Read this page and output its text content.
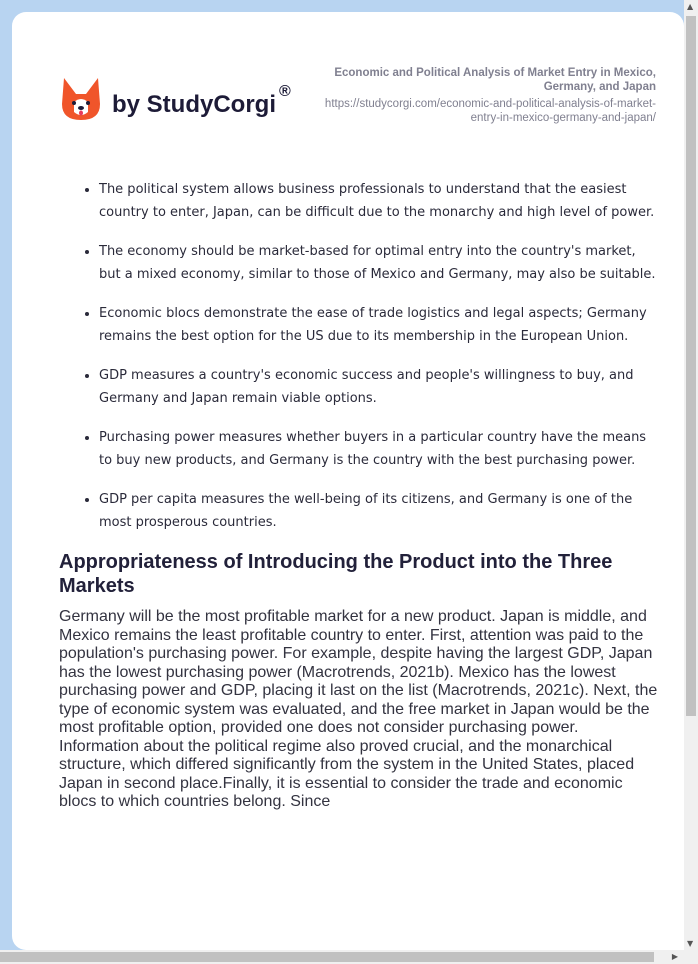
by StudyCorgi ®
Economic and Political Analysis of Market Entry in Mexico, Germany, and Japan
https://studycorgi.com/economic-and-political-analysis-of-market-entry-in-mexico-germany-and-japan/
• The political system allows business professionals to understand that the easiest country to enter, Japan, can be difficult due to the monarchy and high level of power.
• The economy should be market-based for optimal entry into the country's market, but a mixed economy, similar to those of Mexico and Germany, may also be suitable.
• Economic blocs demonstrate the ease of trade logistics and legal aspects; Germany remains the best option for the US due to its membership in the European Union.
• GDP measures a country's economic success and people's willingness to buy, and Germany and Japan remain viable options.
• Purchasing power measures whether buyers in a particular country have the means to buy new products, and Germany is the country with the best purchasing power.
• GDP per capita measures the well-being of its citizens, and Germany is one of the most prosperous countries.
Appropriateness of Introducing the Product into the Three Markets

Germany will be the most profitable market for a new product. Japan is middle, and Mexico remains the least profitable country to enter. First, attention was paid to the population's purchasing power. For example, despite having the largest GDP, Japan has the lowest purchasing power (Macrotrends, 2021b). Mexico has the lowest purchasing power and GDP, placing it last on the list (Macrotrends, 2021c). Next, the type of economic system was evaluated, and the free market in Japan would be the most profitable option, provided one does not consider purchasing power. Information about the political regime also proved crucial, and the monarchical structure, which differed significantly from the system in the United States, placed Japan in second place.Finally, it is essential to consider the trade and economic blocs to which countries belong. Since

▲
▼
▶
